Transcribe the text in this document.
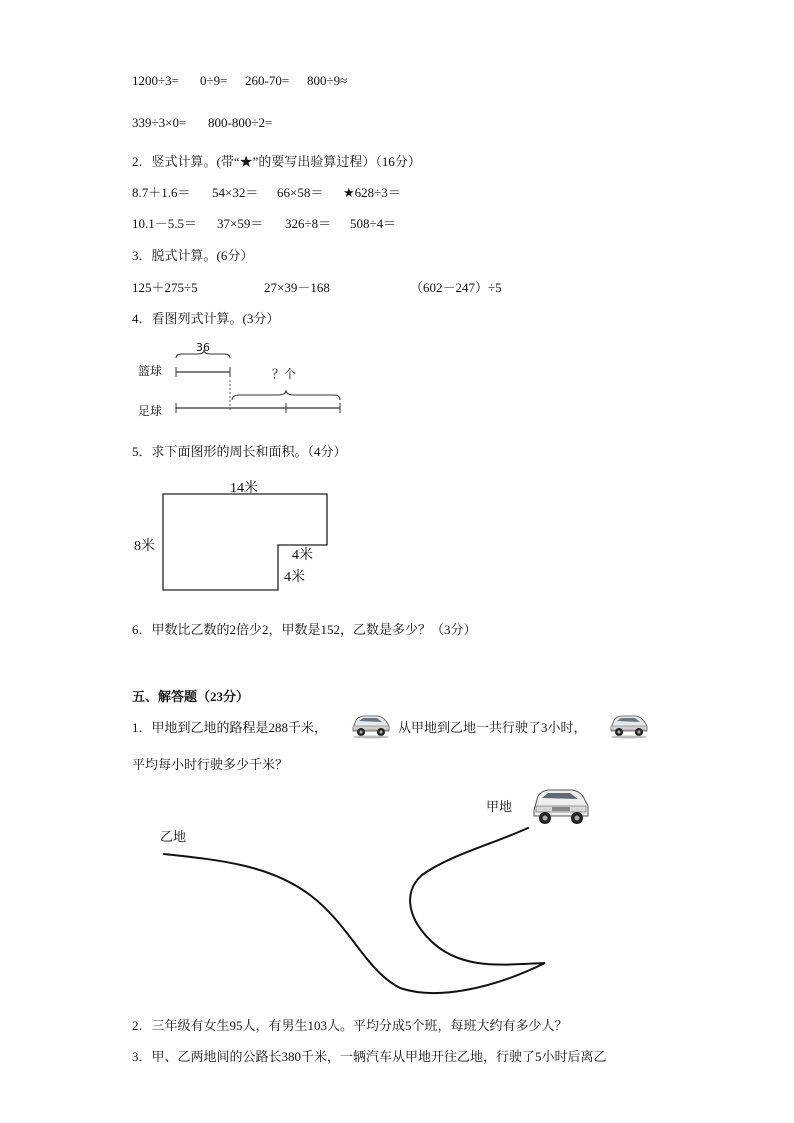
1200÷3= 0÷9= 260-70= 800÷9≈
339÷3×0= 800-800÷2=
2．竖式计算。(带“★”的要写出验算过程）（16分）
8.7＋1.6＝ 54×32＝ 66×58＝ ★628÷3＝
10.1－5.5＝ 37×59＝ 326÷8＝ 508÷4＝
3．脱式计算。(6分）
125＋275÷5	27×39－168	（602－247）÷5
4．看图列式计算。(3分）
篮球
足球
36
？个
5．求下面图形的周长和面积。（4分）
14米
8米
4米
4米
6．甲数比乙数的2倍少2，甲数是152，乙数是多少？（3分）
五、解答题（23分）
1．甲地到乙地的路程是288千米，	从甲地到乙地一共行驶了3小时，
平均每小时行驶多少千米？
甲地
乙地
2．三年级有女生95人，有男生103人。平均分成5个班，每班大约有多少人？
3．甲、乙两地间的公路长380千米，一辆汽车从甲地开往乙地，行驶了5小时后离乙
